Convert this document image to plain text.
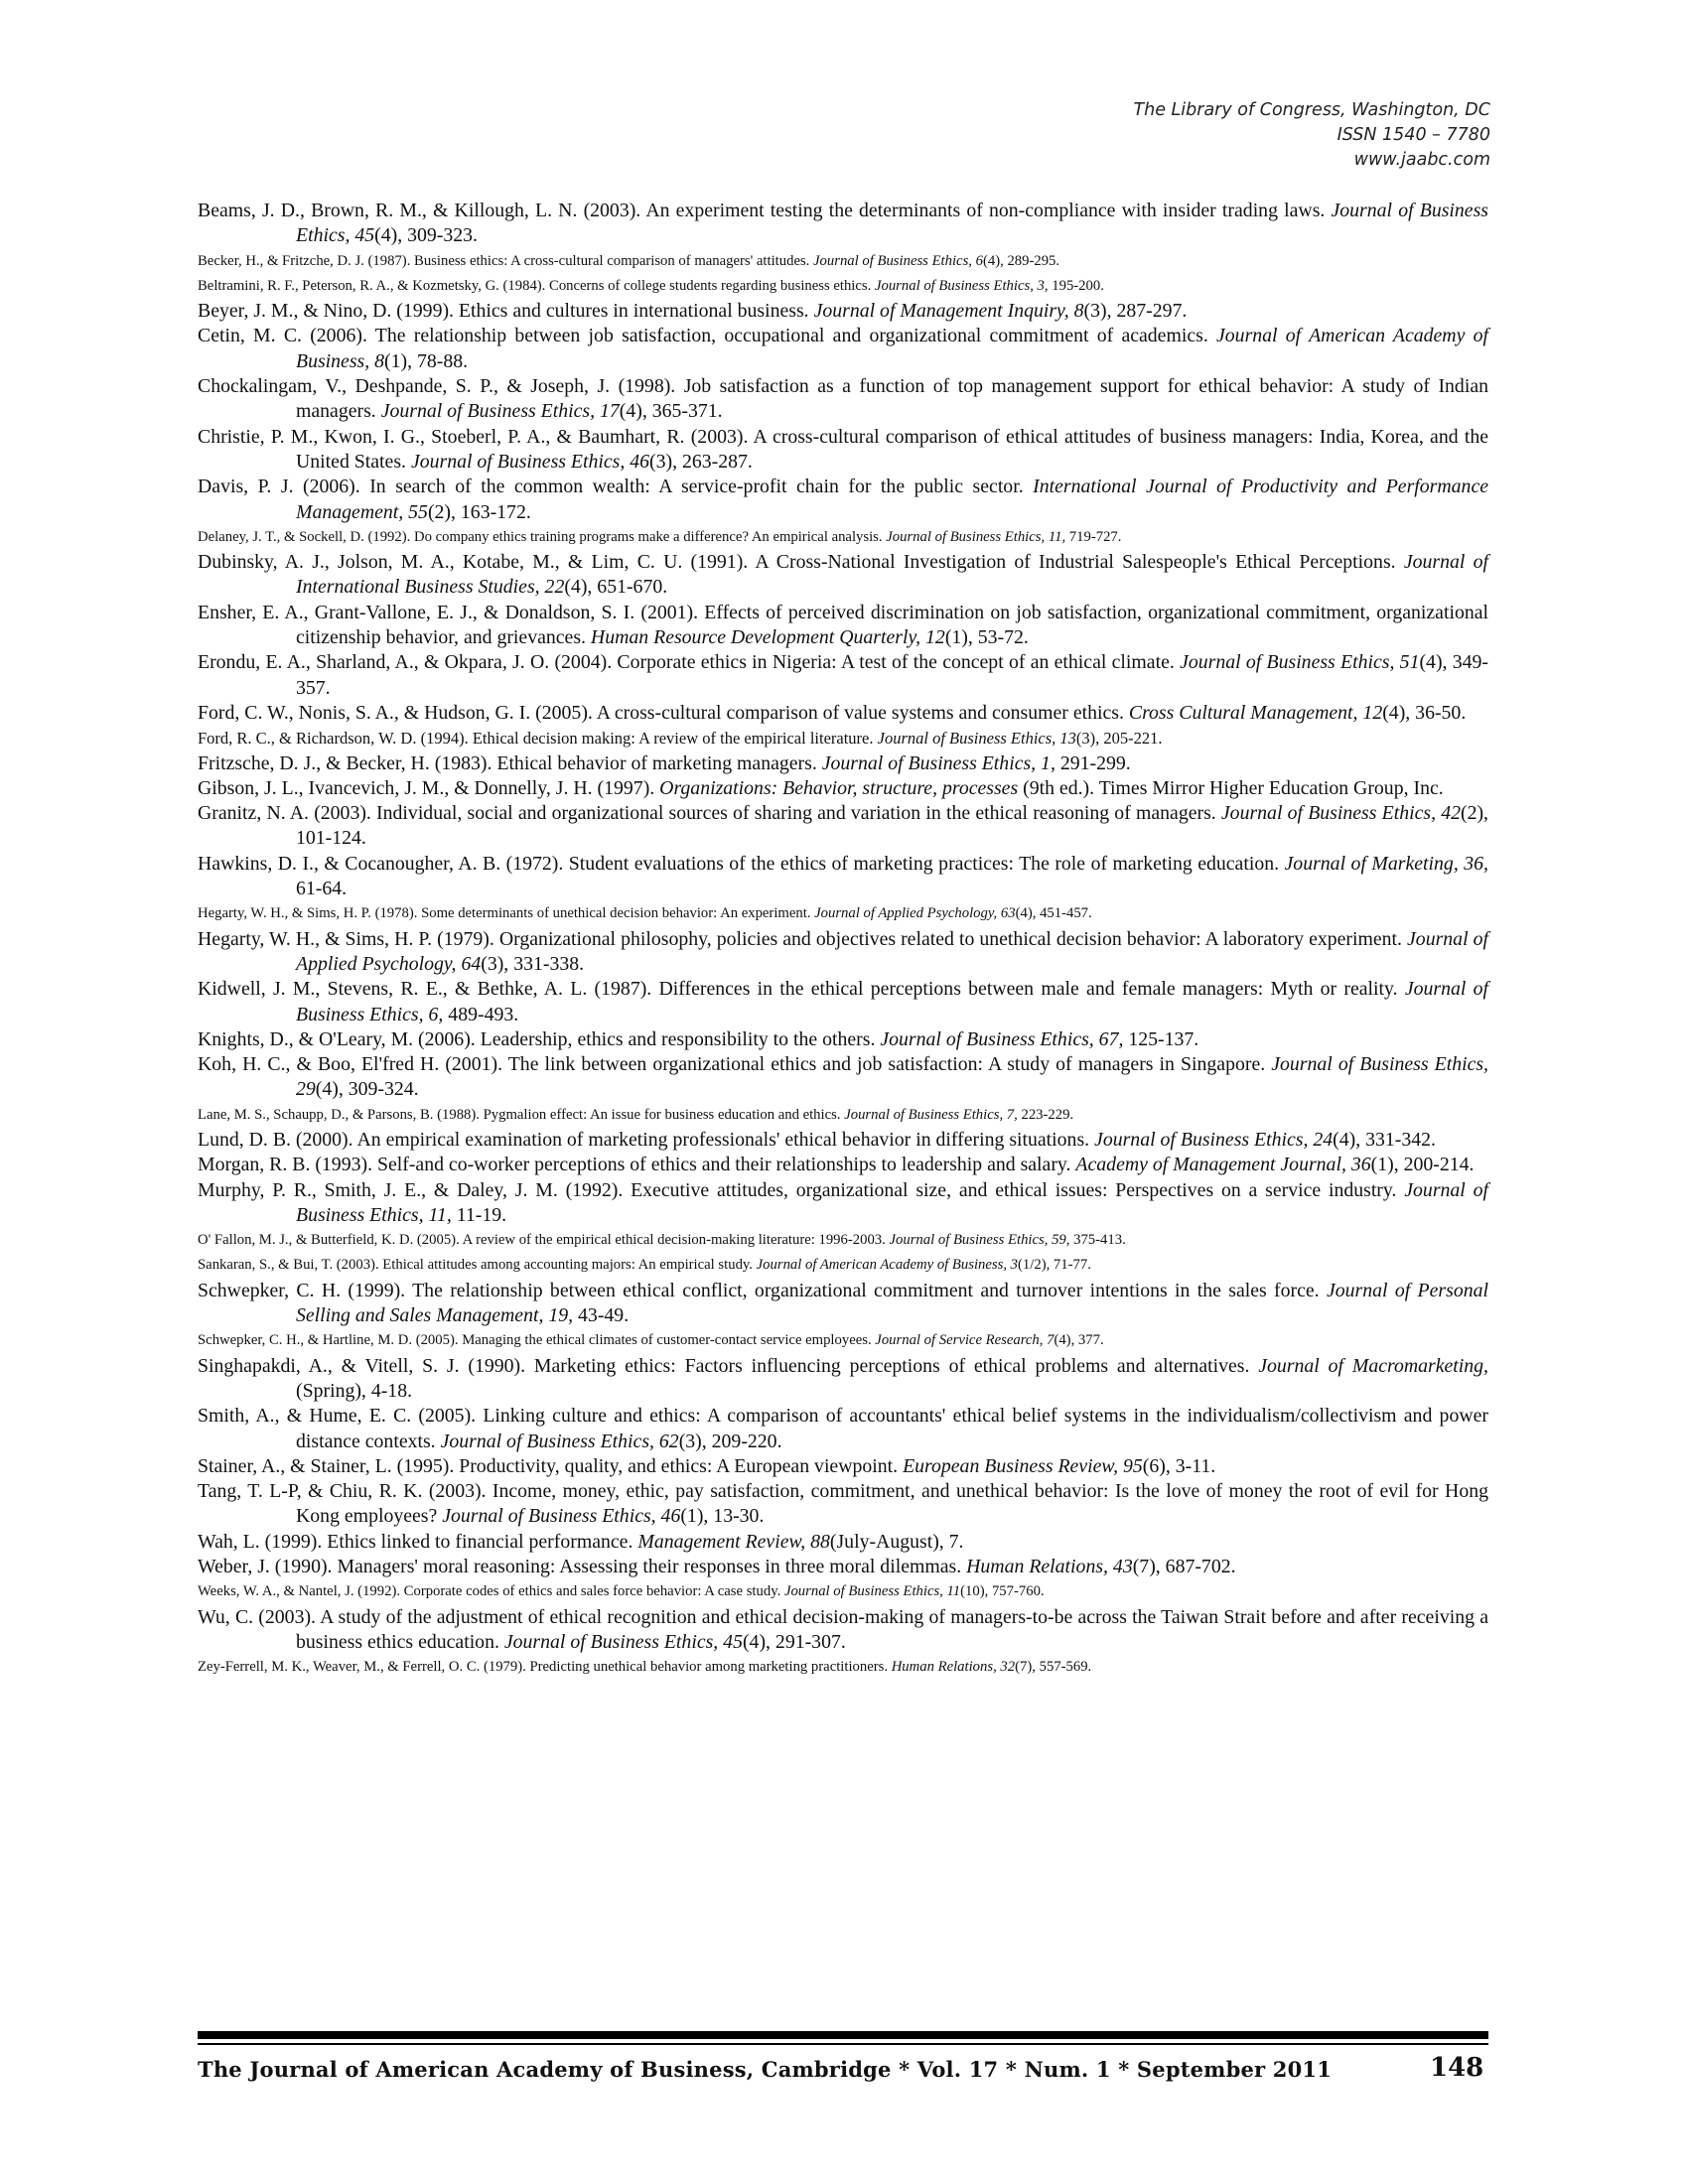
The Library of Congress, Washington, DC
ISSN 1540 – 7780
www.jaabc.com
Beams, J. D., Brown, R. M., & Killough, L. N. (2003). An experiment testing the determinants of non-compliance with insider trading laws. Journal of Business Ethics, 45(4), 309-323.
Becker, H., & Fritzche, D. J. (1987). Business ethics: A cross-cultural comparison of managers' attitudes. Journal of Business Ethics, 6(4), 289-295.
Beltramini, R. F., Peterson, R. A., & Kozmetsky, G. (1984). Concerns of college students regarding business ethics. Journal of Business Ethics, 3, 195-200.
Beyer, J. M., & Nino, D. (1999). Ethics and cultures in international business. Journal of Management Inquiry, 8(3), 287-297.
Cetin, M. C. (2006). The relationship between job satisfaction, occupational and organizational commitment of academics. Journal of American Academy of Business, 8(1), 78-88.
Chockalingam, V., Deshpande, S. P., & Joseph, J. (1998). Job satisfaction as a function of top management support for ethical behavior: A study of Indian managers. Journal of Business Ethics, 17(4), 365-371.
Christie, P. M., Kwon, I. G., Stoeberl, P. A., & Baumhart, R. (2003). A cross-cultural comparison of ethical attitudes of business managers: India, Korea, and the United States. Journal of Business Ethics, 46(3), 263-287.
Davis, P. J. (2006). In search of the common wealth: A service-profit chain for the public sector. International Journal of Productivity and Performance Management, 55(2), 163-172.
Delaney, J. T., & Sockell, D. (1992). Do company ethics training programs make a difference? An empirical analysis. Journal of Business Ethics, 11, 719-727.
Dubinsky, A. J., Jolson, M. A., Kotabe, M., & Lim, C. U. (1991). A Cross-National Investigation of Industrial Salespeople's Ethical Perceptions. Journal of International Business Studies, 22(4), 651-670.
Ensher, E. A., Grant-Vallone, E. J., & Donaldson, S. I. (2001). Effects of perceived discrimination on job satisfaction, organizational commitment, organizational citizenship behavior, and grievances. Human Resource Development Quarterly, 12(1), 53-72.
Erondu, E. A., Sharland, A., & Okpara, J. O. (2004). Corporate ethics in Nigeria: A test of the concept of an ethical climate. Journal of Business Ethics, 51(4), 349-357.
Ford, C. W., Nonis, S. A., & Hudson, G. I. (2005). A cross-cultural comparison of value systems and consumer ethics. Cross Cultural Management, 12(4), 36-50.
Ford, R. C., & Richardson, W. D. (1994). Ethical decision making: A review of the empirical literature. Journal of Business Ethics, 13(3), 205-221.
Fritzsche, D. J., & Becker, H. (1983). Ethical behavior of marketing managers. Journal of Business Ethics, 1, 291-299.
Gibson, J. L., Ivancevich, J. M., & Donnelly, J. H. (1997). Organizations: Behavior, structure, processes (9th ed.). Times Mirror Higher Education Group, Inc.
Granitz, N. A. (2003). Individual, social and organizational sources of sharing and variation in the ethical reasoning of managers. Journal of Business Ethics, 42(2), 101-124.
Hawkins, D. I., & Cocanougher, A. B. (1972). Student evaluations of the ethics of marketing practices: The role of marketing education. Journal of Marketing, 36, 61-64.
Hegarty, W. H., & Sims, H. P. (1978). Some determinants of unethical decision behavior: An experiment. Journal of Applied Psychology, 63(4), 451-457.
Hegarty, W. H., & Sims, H. P. (1979). Organizational philosophy, policies and objectives related to unethical decision behavior: A laboratory experiment. Journal of Applied Psychology, 64(3), 331-338.
Kidwell, J. M., Stevens, R. E., & Bethke, A. L. (1987). Differences in the ethical perceptions between male and female managers: Myth or reality. Journal of Business Ethics, 6, 489-493.
Knights, D., & O'Leary, M. (2006). Leadership, ethics and responsibility to the others. Journal of Business Ethics, 67, 125-137.
Koh, H. C., & Boo, El'fred H. (2001). The link between organizational ethics and job satisfaction: A study of managers in Singapore. Journal of Business Ethics, 29(4), 309-324.
Lane, M. S., Schaupp, D., & Parsons, B. (1988). Pygmalion effect: An issue for business education and ethics. Journal of Business Ethics, 7, 223-229.
Lund, D. B. (2000). An empirical examination of marketing professionals' ethical behavior in differing situations. Journal of Business Ethics, 24(4), 331-342.
Morgan, R. B. (1993). Self-and co-worker perceptions of ethics and their relationships to leadership and salary. Academy of Management Journal, 36(1), 200-214.
Murphy, P. R., Smith, J. E., & Daley, J. M. (1992). Executive attitudes, organizational size, and ethical issues: Perspectives on a service industry. Journal of Business Ethics, 11, 11-19.
O' Fallon, M. J., & Butterfield, K. D. (2005). A review of the empirical ethical decision-making literature: 1996-2003. Journal of Business Ethics, 59, 375-413.
Sankaran, S., & Bui, T. (2003). Ethical attitudes among accounting majors: An empirical study. Journal of American Academy of Business, 3(1/2), 71-77.
Schwepker, C. H. (1999). The relationship between ethical conflict, organizational commitment and turnover intentions in the sales force. Journal of Personal Selling and Sales Management, 19, 43-49.
Schwepker, C. H., & Hartline, M. D. (2005). Managing the ethical climates of customer-contact service employees. Journal of Service Research, 7(4), 377.
Singhapakdi, A., & Vitell, S. J. (1990). Marketing ethics: Factors influencing perceptions of ethical problems and alternatives. Journal of Macromarketing, (Spring), 4-18.
Smith, A., & Hume, E. C. (2005). Linking culture and ethics: A comparison of accountants' ethical belief systems in the individualism/collectivism and power distance contexts. Journal of Business Ethics, 62(3), 209-220.
Stainer, A., & Stainer, L. (1995). Productivity, quality, and ethics: A European viewpoint. European Business Review, 95(6), 3-11.
Tang, T. L-P, & Chiu, R. K. (2003). Income, money, ethic, pay satisfaction, commitment, and unethical behavior: Is the love of money the root of evil for Hong Kong employees? Journal of Business Ethics, 46(1), 13-30.
Wah, L. (1999). Ethics linked to financial performance. Management Review, 88(July-August), 7.
Weber, J. (1990). Managers' moral reasoning: Assessing their responses in three moral dilemmas. Human Relations, 43(7), 687-702.
Weeks, W. A., & Nantel, J. (1992). Corporate codes of ethics and sales force behavior: A case study. Journal of Business Ethics, 11(10), 757-760.
Wu, C. (2003). A study of the adjustment of ethical recognition and ethical decision-making of managers-to-be across the Taiwan Strait before and after receiving a business ethics education. Journal of Business Ethics, 45(4), 291-307.
Zey-Ferrell, M. K., Weaver, M., & Ferrell, O. C. (1979). Predicting unethical behavior among marketing practitioners. Human Relations, 32(7), 557-569.
The Journal of American Academy of Business, Cambridge * Vol. 17 * Num. 1 * September 2011	148
